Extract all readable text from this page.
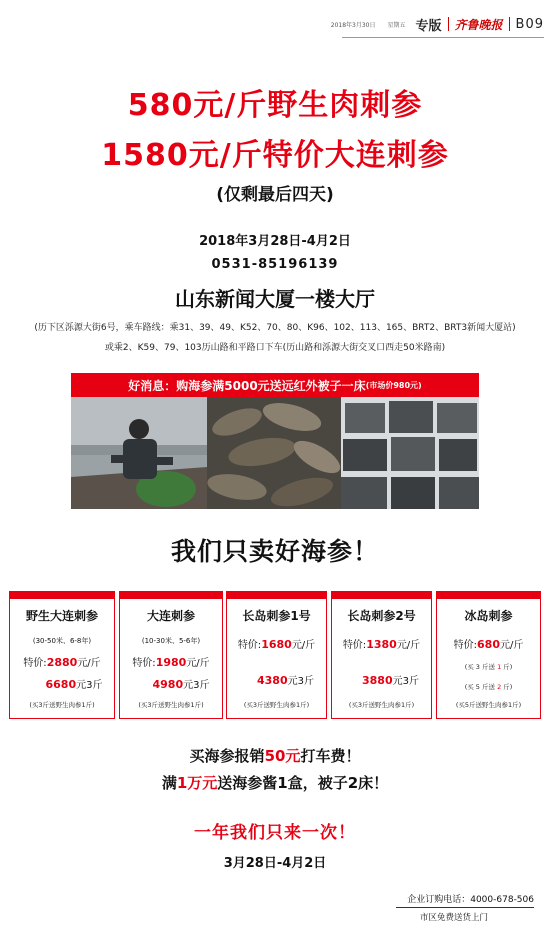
2018年3月30日 星期五 专版 齐鲁晚报 B09
580元/斤野生肉刺参
1580元/斤特价大连刺参
(仅剩最后四天)
2018年3月28日-4月2日
0531-85196139
山东新闻大厦一楼大厅
(历下区泺源大街6号，乘车路线：乘31、39、49、K52、70、80、K96、102、113、165、BRT2、BRT3新闻大厦站)
或乘2、K59、79、103历山路和平路口下车(历山路和泺源大街交叉口西走50米路南)
好消息：购海参满5000元送远红外被子一床 (市场价980元)
我们只卖好海参！
野生大连刺参
(30-50米、6-8年)
特价:2880元/斤
6680元3斤
(买3斤送野生肉参1斤)
大连刺参
(10-30米、5-6年)
特价:1980元/斤
4980元3斤
(买3斤送野生肉参1斤)
长岛刺参1号
特价:1680元/斤
4380元3斤
(买3斤送野生肉参1斤)
长岛刺参2号
特价:1380元/斤
3880元3斤
(买3斤送野生肉参1斤)
冰岛刺参
特价:680元/斤
(买 3 斤送 1 斤)
(买 5 斤送 2 斤)
(买5斤送野生肉参1斤)
买海参报销50元打车费！
满1万元送海参酱1盒，被子2床！
一年我们只来一次！
3月28日-4月2日
企业订购电话：4000-678-506
市区免费送货上门
